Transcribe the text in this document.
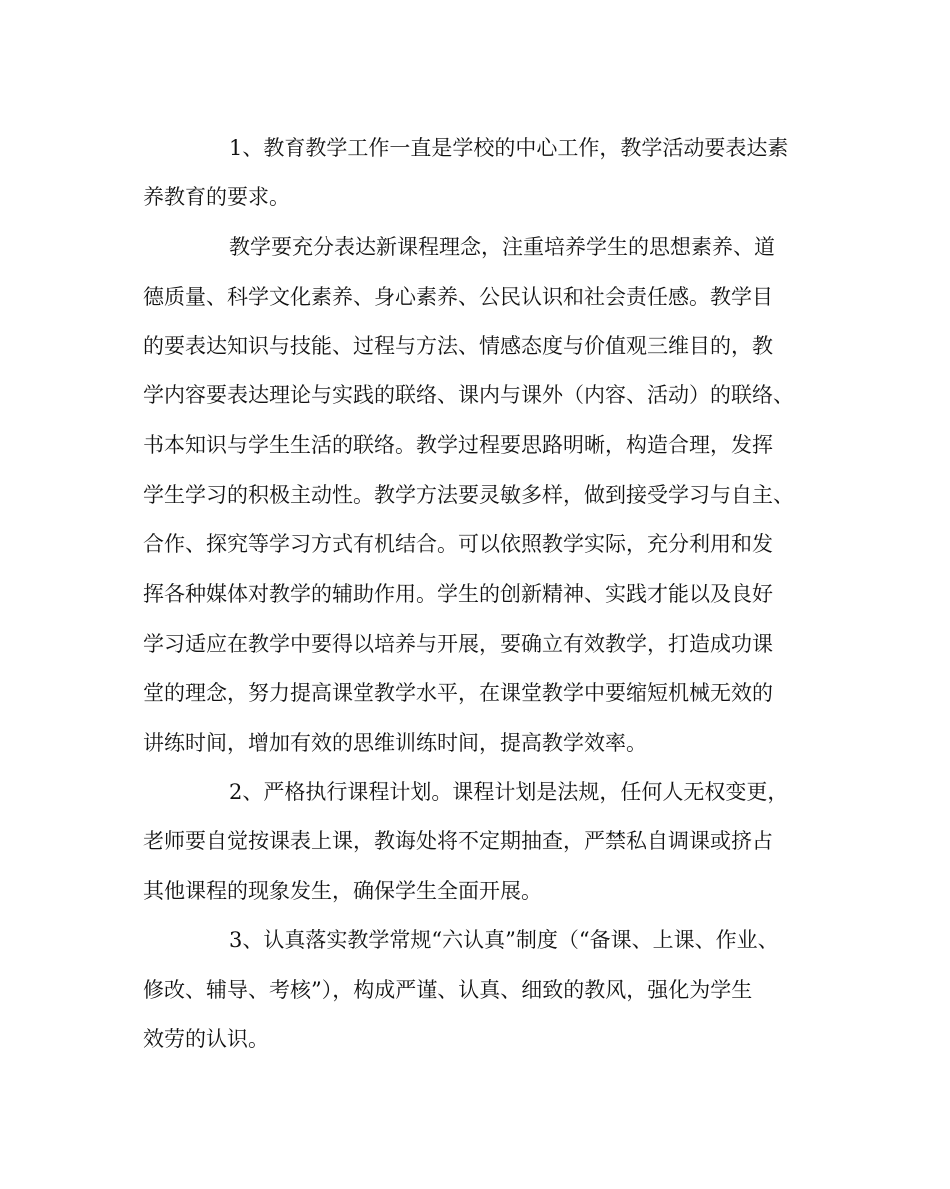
1、教育教学工作一直是学校的中心工作，教学活动要表达素
养教育的要求。
教学要充分表达新课程理念，注重培养学生的思想素养、道
德质量、科学文化素养、身心素养、公民认识和社会责任感。教学目
的要表达知识与技能、过程与方法、情感态度与价值观三维目的，教
学内容要表达理论与实践的联络、课内与课外（内容、活动）的联络、
书本知识与学生生活的联络。教学过程要思路明晰，构造合理，发挥
学生学习的积极主动性。教学方法要灵敏多样，做到接受学习与自主、
合作、探究等学习方式有机结合。可以依照教学实际，充分利用和发
挥各种媒体对教学的辅助作用。学生的创新精神、实践才能以及良好
学习适应在教学中要得以培养与开展，要确立有效教学，打造成功课
堂的理念，努力提高课堂教学水平，在课堂教学中要缩短机械无效的
讲练时间，增加有效的思维训练时间，提高教学效率。
2、严格执行课程计划。课程计划是法规，任何人无权变更，
老师要自觉按课表上课，教诲处将不定期抽查，严禁私自调课或挤占
其他课程的现象发生，确保学生全面开展。
3、认真落实教学常规“六认真”制度（“备课、上课、作业、
修改、辅导、考核”），构成严谨、认真、细致的教风，强化为学生
效劳的认识。
